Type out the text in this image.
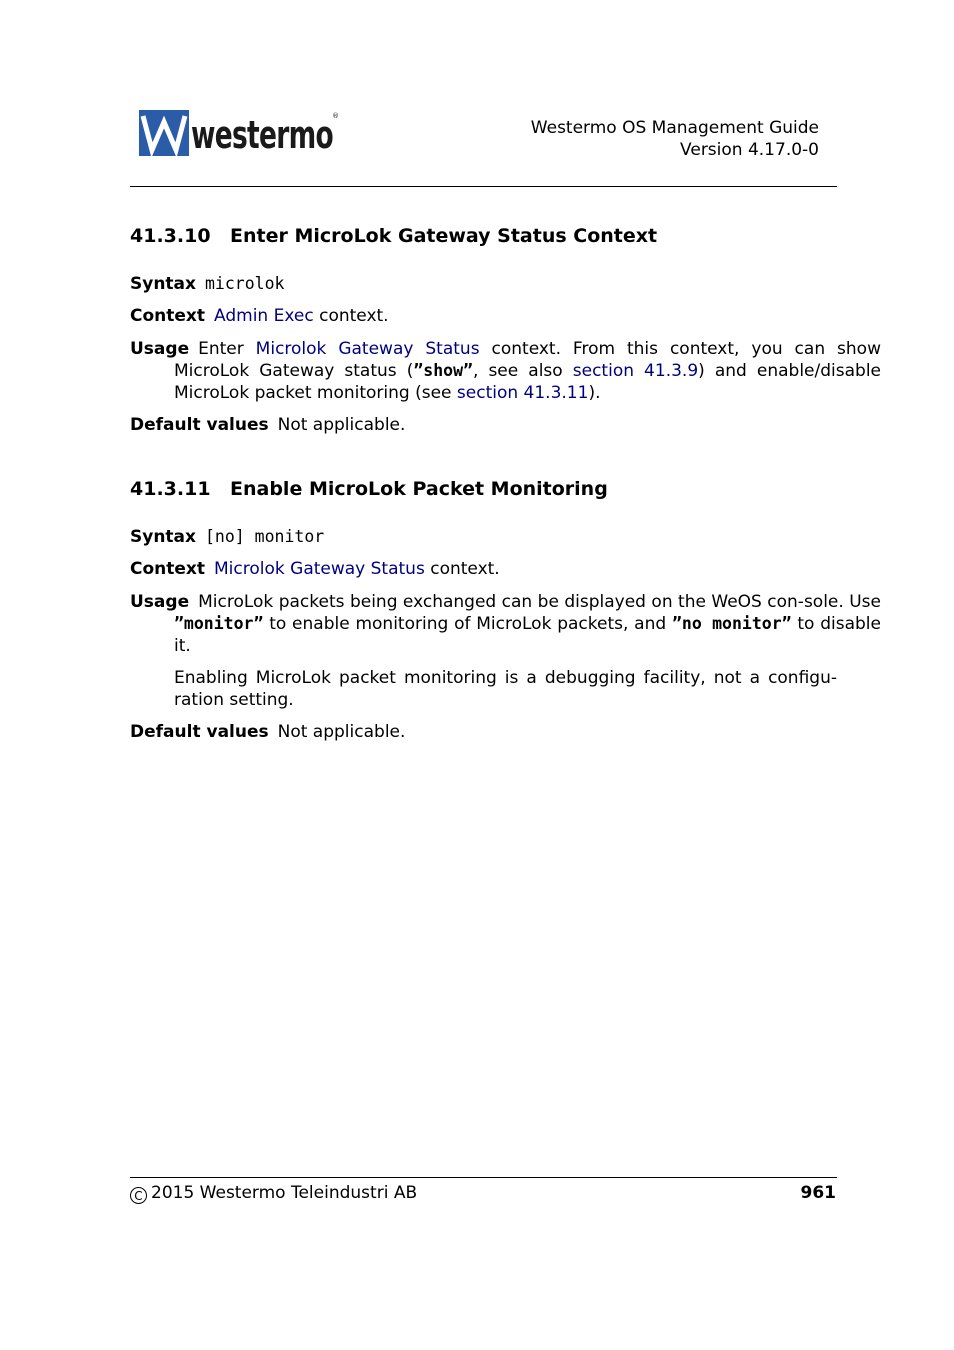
westermo ®
Westermo OS Management Guide
Version 4.17.0-0
41.3.10 Enter MicroLok Gateway Status Context
Syntax microlok
Context Admin Exec context.
Usage Enter Microlok Gateway Status context. From this context, you can show MicroLok Gateway status (”show”, see also section 41.3.9) and enable/disable MicroLok packet monitoring (see section 41.3.11).
Default values Not applicable.
41.3.11 Enable MicroLok Packet Monitoring
Syntax [no] monitor
Context Microlok Gateway Status context.
Usage MicroLok packets being exchanged can be displayed on the WeOS con-sole. Use ”monitor” to enable monitoring of MicroLok packets, and ”no monitor” to disable it.
Enabling MicroLok packet monitoring is a debugging facility, not a configu-ration setting.
Default values Not applicable.
C 2015 Westermo Teleindustri AB	961
